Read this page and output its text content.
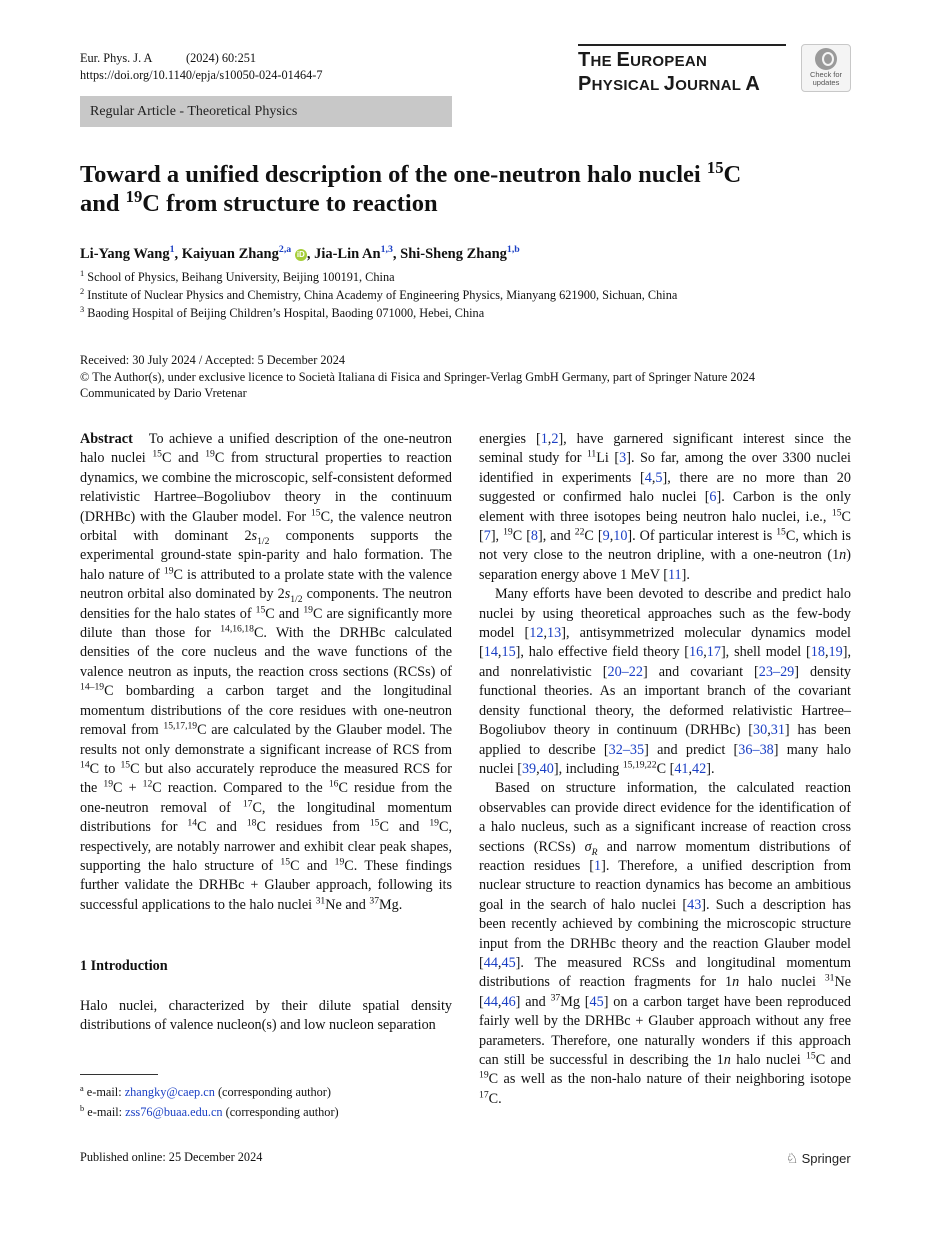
Eur. Phys. J. A	(2024) 60:251
https://doi.org/10.1140/epja/s10050-024-01464-7
THE EUROPEAN
PHYSICAL JOURNAL A	Check for
updates
Regular Article - Theoretical Physics
Toward a unified description of the one-neutron halo nuclei $^{15}$C
and $^{19}$C from structure to reaction
Li-Yang Wang$^1$, Kaiyuan Zhang$^{2,a}$ iD , Jia-Lin An$^{1,3}$, Shi-Sheng Zhang$^{1,b}$
$^1$ School of Physics, Beihang University, Beijing 100191, China
$^2$ Institute of Nuclear Physics and Chemistry, China Academy of Engineering Physics, Mianyang 621900, Sichuan, China
$^3$ Baoding Hospital of Beijing Children’s Hospital, Baoding 071000, Hebei, China
Received: 30 July 2024 / Accepted: 5 December 2024
© The Author(s), under exclusive licence to Società Italiana di Fisica and Springer-Verlag GmbH Germany, part of Springer Nature 2024
Communicated by Dario Vretenar

Abstract   To achieve a unified description of the one-neutron halo nuclei $^{15}$C and $^{19}$C from structural properties to reaction dynamics, we combine the microscopic, self-consistent deformed relativistic Hartree–Bogoliubov theory in the continuum (DRHBc) with the Glauber model. For $^{15}$C, the valence neutron orbital with dominant $2s_{1/2}$ components supports the experimental ground-state spin-parity and halo formation. The halo nature of $^{19}$C is attributed to a prolate state with the valence neutron orbital also dominated by $2s_{1/2}$ components. The neutron densities for the halo states of $^{15}$C and $^{19}$C are significantly more dilute than those for $^{14,16,18}$C. With the DRHBc calculated densities of the core nucleus and the wave functions of the valence neutron as inputs, the reaction cross sections (RCSs) of $^{14-19}$C bombarding a carbon target and the longitudinal momentum distributions of the core residues with one-neutron removal from $^{15,17,19}$C are calculated by the Glauber model. The results not only demonstrate a significant increase of RCS from $^{14}$C to $^{15}$C but also accurately reproduce the measured RCS for the $^{19}$C + $^{12}$C reaction. Compared to the $^{16}$C residue from the one-neutron removal of $^{17}$C, the longitudinal momentum distributions for $^{14}$C and $^{18}$C residues from $^{15}$C and $^{19}$C, respectively, are notably narrower and exhibit clear peak shapes, supporting the halo structure of $^{15}$C and $^{19}$C. These findings further validate the DRHBc + Glauber approach, following its successful applications to the halo nuclei $^{31}$Ne and $^{37}$Mg.

1 Introduction

Halo nuclei, characterized by their dilute spatial density distributions of valence nucleon(s) and low nucleon separation

$^a$ e-mail: zhangky@caep.cn (corresponding author)
$^b$ e-mail: zss76@buaa.edu.cn (corresponding author)

energies [1,2], have garnered significant interest since the seminal study for $^{11}$Li [3]. So far, among the over 3300 nuclei identified in experiments [4,5], there are no more than 20 suggested or confirmed halo nuclei [6]. Carbon is the only element with three isotopes being neutron halo nuclei, i.e., $^{15}$C [7], $^{19}$C [8], and $^{22}$C [9,10]. Of particular interest is $^{15}$C, which is not very close to the neutron dripline, with a one-neutron (1n) separation energy above 1 MeV [11].

Many efforts have been devoted to describe and predict halo nuclei by using theoretical approaches such as the few-body model [12,13], antisymmetrized molecular dynamics model [14,15], halo effective field theory [16,17], shell model [18,19], and nonrelativistic [20–22] and covariant [23–29] density functional theories. As an important branch of the covariant density functional theory, the deformed relativistic Hartree–Bogoliubov theory in continuum (DRHBc) [30,31] has been applied to describe [32–35] and predict [36–38] many halo nuclei [39,40], including $^{15,19,22}$C [41,42].

Based on structure information, the calculated reaction observables can provide direct evidence for the identification of a halo nucleus, such as a significant increase of reaction cross sections (RCSs) $\sigma_R$ and narrow momentum distributions of reaction residues [1]. Therefore, a unified description from nuclear structure to reaction dynamics has become an ambitious goal in the search of halo nuclei [43]. Such a description has been recently achieved by combining the microscopic structure input from the DRHBc theory and the reaction Glauber model [44,45]. The measured RCSs and longitudinal momentum distributions of reaction fragments for 1n halo nuclei $^{31}$Ne [44,46] and $^{37}$Mg [45] on a carbon target have been reproduced fairly well by the DRHBc + Glauber approach without any free parameters. Therefore, one naturally wonders if this approach can still be successful in describing the 1n halo nuclei $^{15}$C and $^{19}$C as well as the non-halo nature of their neighboring isotope $^{17}$C.

Published online: 25 December 2024	♘ Springer
